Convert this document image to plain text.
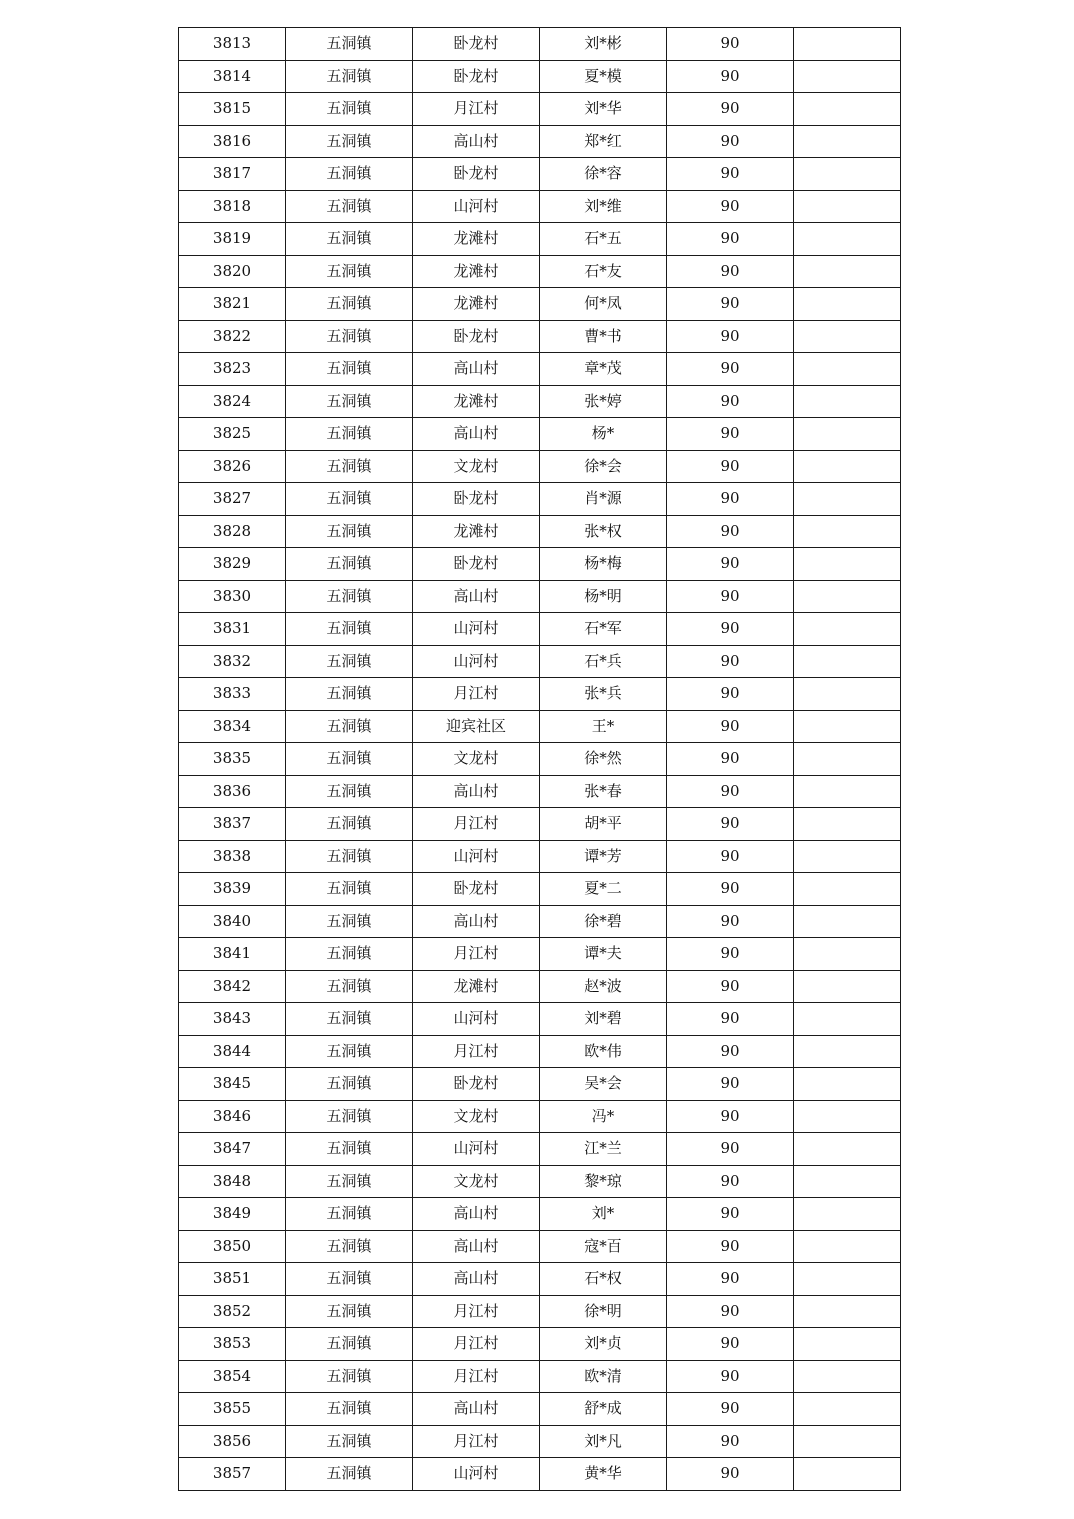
3813	五洞镇	卧龙村	刘*彬	90	
3814	五洞镇	卧龙村	夏*模	90	
3815	五洞镇	月江村	刘*华	90	
3816	五洞镇	高山村	郑*红	90	
3817	五洞镇	卧龙村	徐*容	90	
3818	五洞镇	山河村	刘*维	90	
3819	五洞镇	龙滩村	石*五	90	
3820	五洞镇	龙滩村	石*友	90	
3821	五洞镇	龙滩村	何*凤	90	
3822	五洞镇	卧龙村	曹*书	90	
3823	五洞镇	高山村	章*茂	90	
3824	五洞镇	龙滩村	张*婷	90	
3825	五洞镇	高山村	杨*	90	
3826	五洞镇	文龙村	徐*会	90	
3827	五洞镇	卧龙村	肖*源	90	
3828	五洞镇	龙滩村	张*权	90	
3829	五洞镇	卧龙村	杨*梅	90	
3830	五洞镇	高山村	杨*明	90	
3831	五洞镇	山河村	石*军	90	
3832	五洞镇	山河村	石*兵	90	
3833	五洞镇	月江村	张*兵	90	
3834	五洞镇	迎宾社区	王*	90	
3835	五洞镇	文龙村	徐*然	90	
3836	五洞镇	高山村	张*春	90	
3837	五洞镇	月江村	胡*平	90	
3838	五洞镇	山河村	谭*芳	90	
3839	五洞镇	卧龙村	夏*二	90	
3840	五洞镇	高山村	徐*碧	90	
3841	五洞镇	月江村	谭*夫	90	
3842	五洞镇	龙滩村	赵*波	90	
3843	五洞镇	山河村	刘*碧	90	
3844	五洞镇	月江村	欧*伟	90	
3845	五洞镇	卧龙村	吴*会	90	
3846	五洞镇	文龙村	冯*	90	
3847	五洞镇	山河村	江*兰	90	
3848	五洞镇	文龙村	黎*琼	90	
3849	五洞镇	高山村	刘*	90	
3850	五洞镇	高山村	寇*百	90	
3851	五洞镇	高山村	石*权	90	
3852	五洞镇	月江村	徐*明	90	
3853	五洞镇	月江村	刘*贞	90	
3854	五洞镇	月江村	欧*清	90	
3855	五洞镇	高山村	舒*成	90	
3856	五洞镇	月江村	刘*凡	90	
3857	五洞镇	山河村	黄*华	90	
